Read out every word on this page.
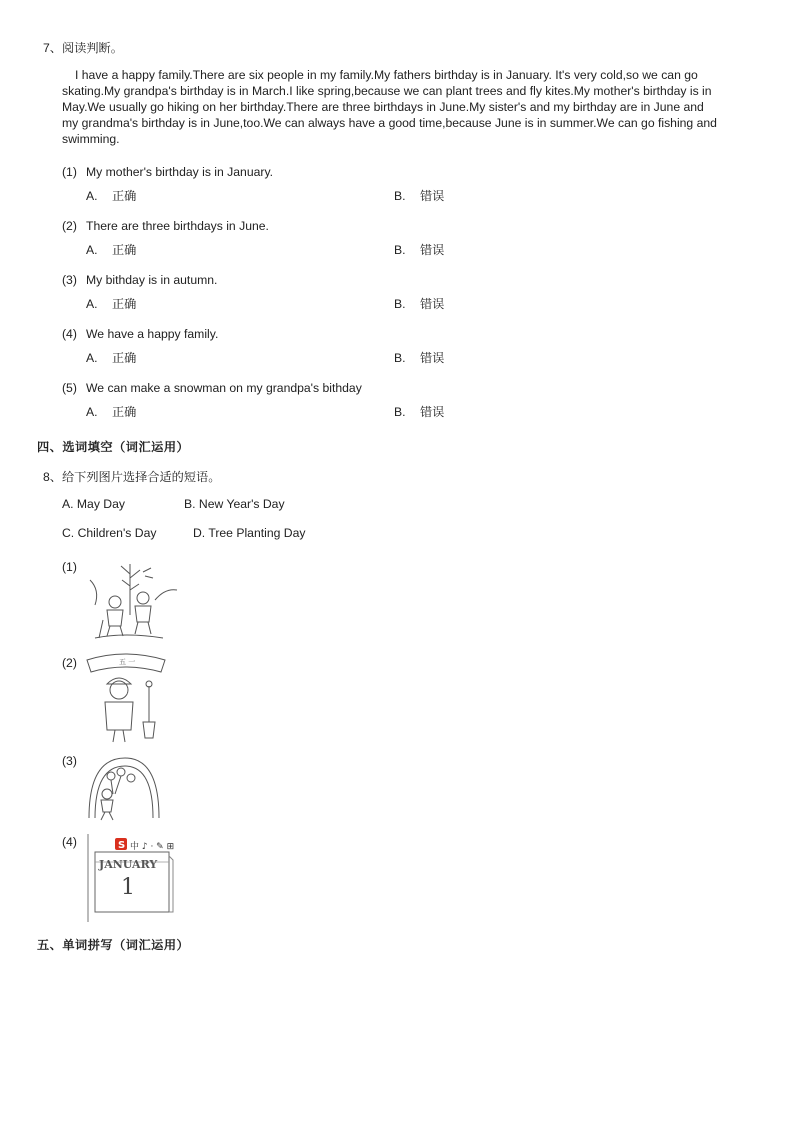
7、阅读判断。
I have a happy family.There are six people in my family.My fathers birthday is in January. It's very cold,so we can go skating.My grandpa's birthday is in March.I like spring,because we can plant trees and fly kites.My mother's birthday is in May.We usually go hiking on her birthday.There are three birthdays in June.My sister's and my birthday are in June and my grandma's birthday is in June,too.We can always have a good time,because June is in summer.We can go fishing and swimming.
(1) My mother's birthday is in January.
A. 正确	B. 错误
(2) There are three birthdays in June.
A. 正确	B. 错误
(3) My bithday is in autumn.
A. 正确	B. 错误
(4) We have a happy family.
A. 正确	B. 错误
(5) We can make a snowman on my grandpa's bithday
A. 正确	B. 错误
四、选词填空（词汇运用）
8、给下列图片选择合适的短语。
A. May Day	B. New Year's Day
C. Children's Day	D. Tree Planting Day
(1)
(2)
(3)
(4)
五 一
S 中 ♪ · ✎ ⊞
JANUARY
1
五、单词拼写（词汇运用）
